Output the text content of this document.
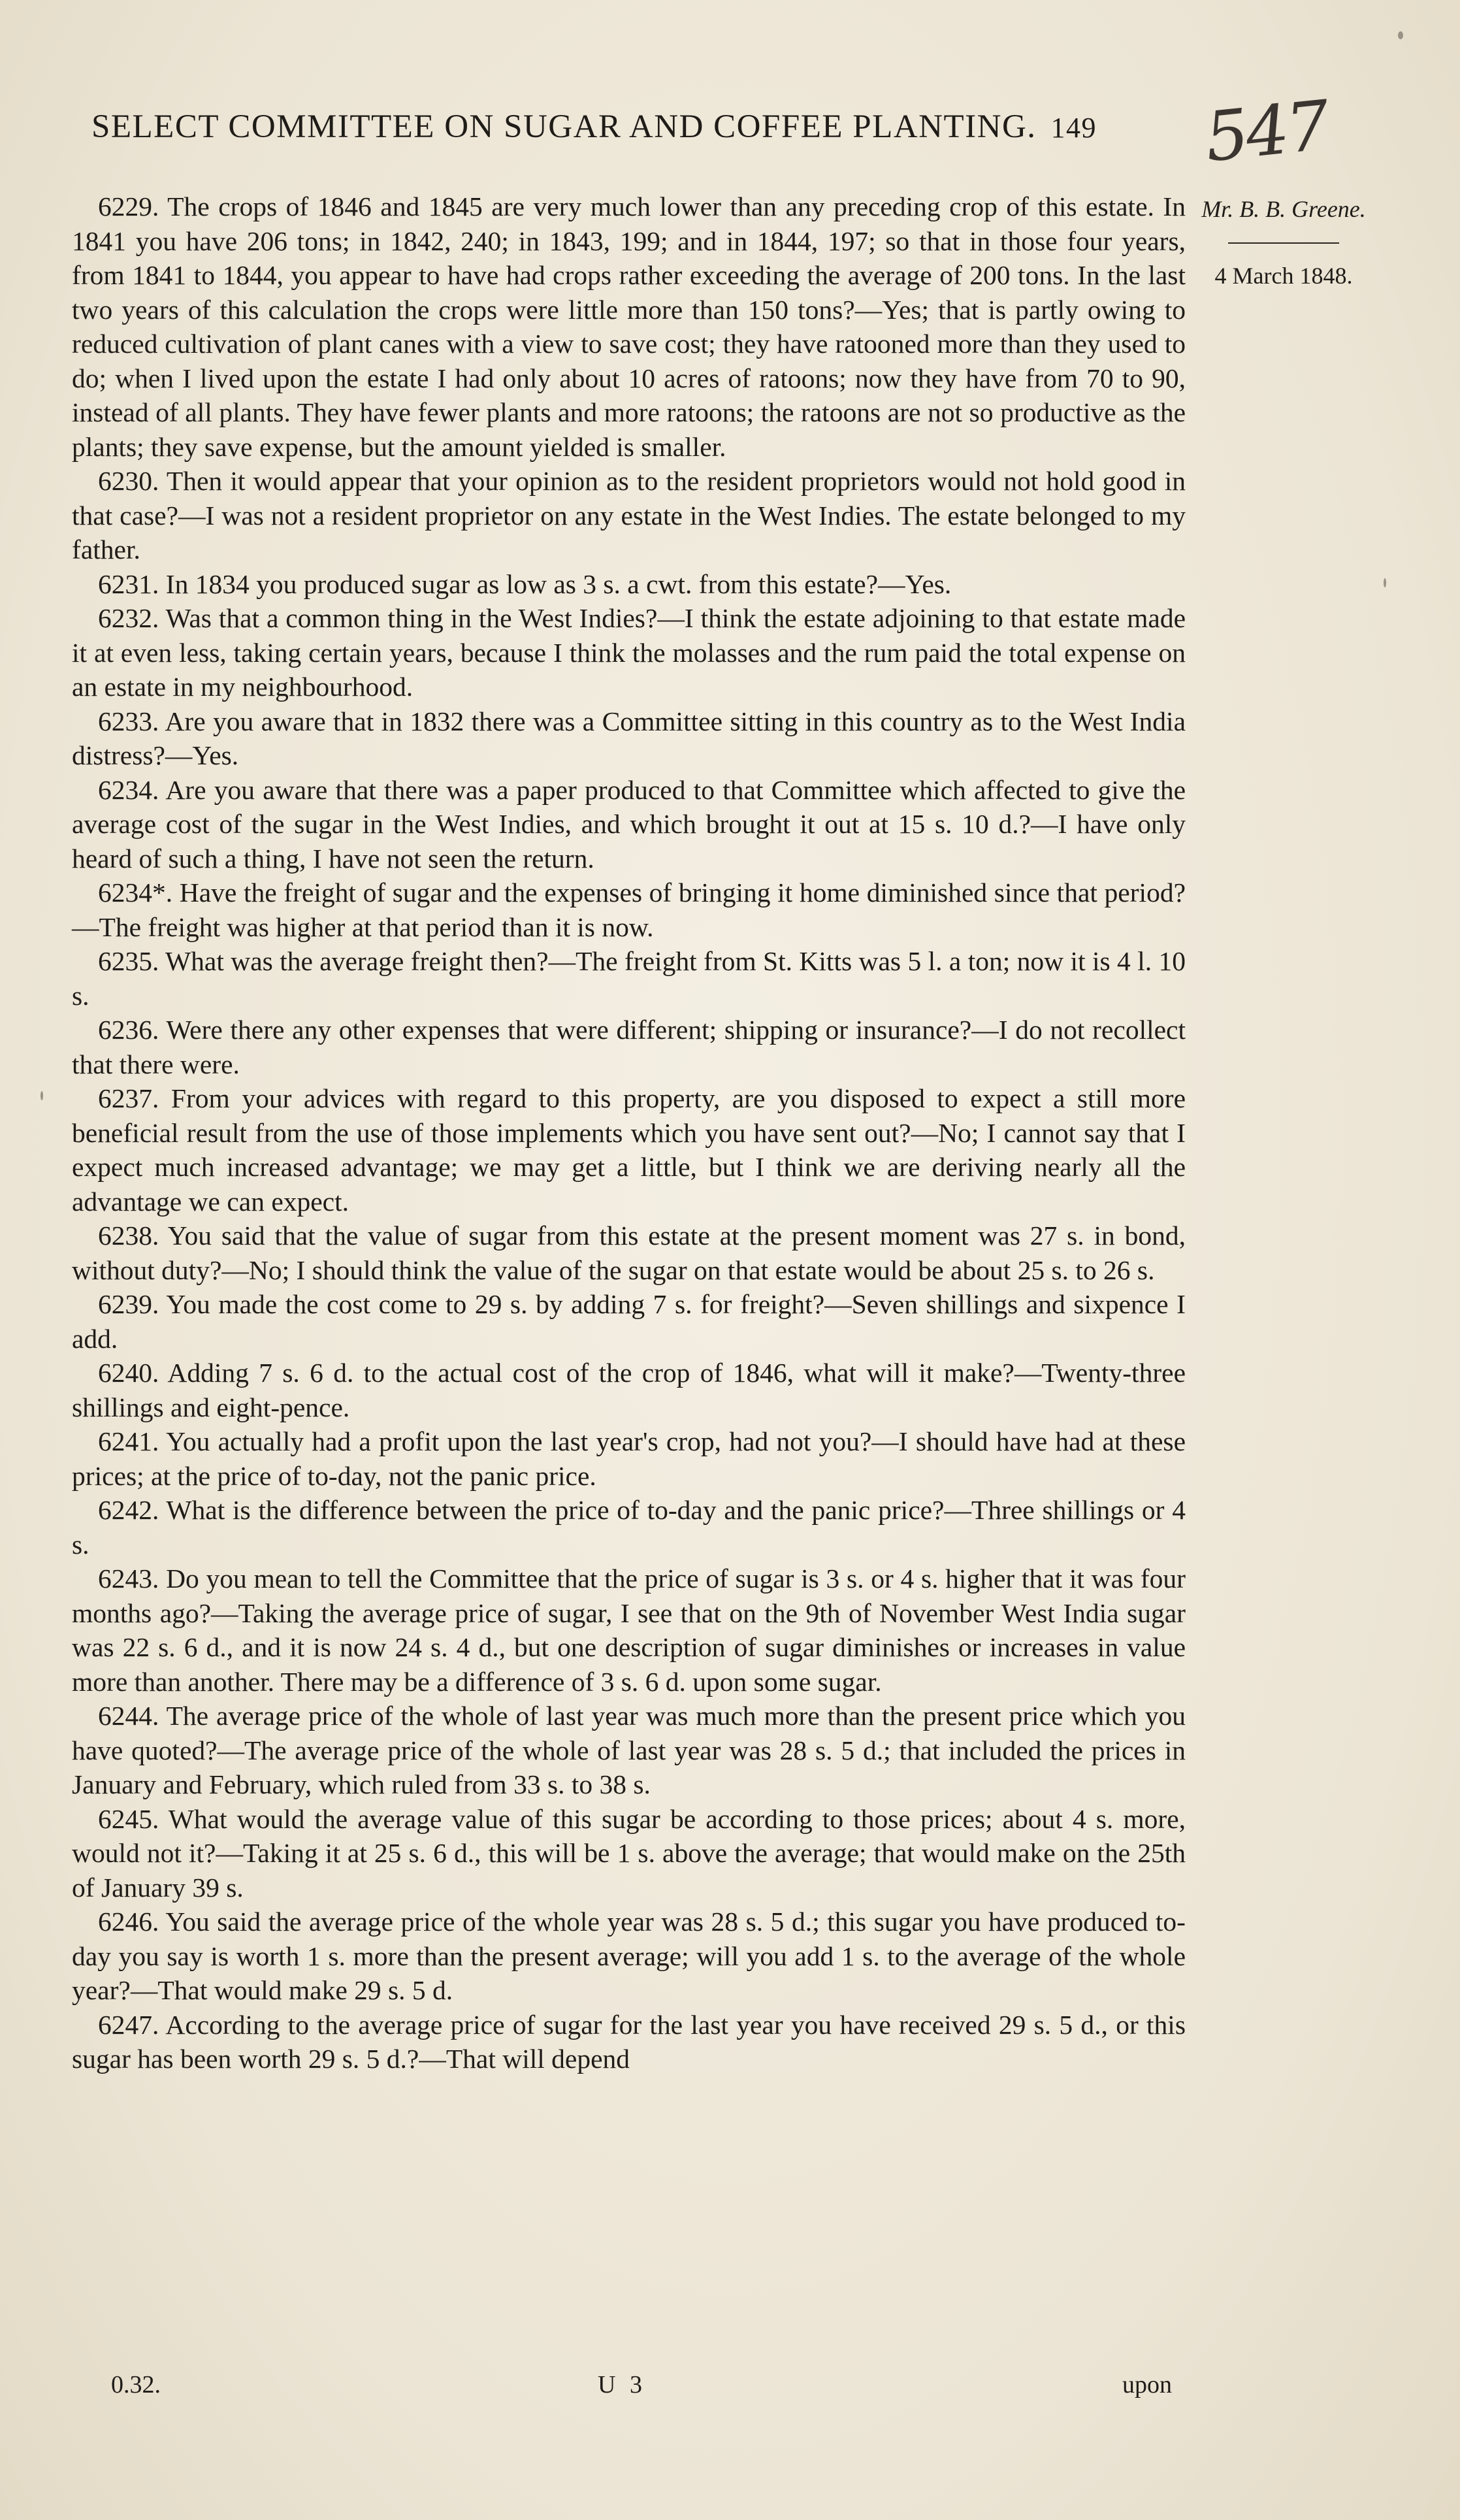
SELECT COMMITTEE ON SUGAR AND COFFEE PLANTING. 149	547
Mr. B. B. Greene.
4 March 1848.

6229. The crops of 1846 and 1845 are very much lower than any preceding crop of this estate. In 1841 you have 206 tons; in 1842, 240; in 1843, 199; and in 1844, 197; so that in those four years, from 1841 to 1844, you appear to have had crops rather exceeding the average of 200 tons. In the last two years of this calculation the crops were little more than 150 tons?—Yes; that is partly owing to reduced cultivation of plant canes with a view to save cost; they have ratooned more than they used to do; when I lived upon the estate I had only about 10 acres of ratoons; now they have from 70 to 90, instead of all plants. They have fewer plants and more ratoons; the ratoons are not so productive as the plants; they save expense, but the amount yielded is smaller.

6230. Then it would appear that your opinion as to the resident proprietors would not hold good in that case?—I was not a resident proprietor on any estate in the West Indies. The estate belonged to my father.

6231. In 1834 you produced sugar as low as 3 s. a cwt. from this estate?—Yes.

6232. Was that a common thing in the West Indies?—I think the estate adjoining to that estate made it at even less, taking certain years, because I think the molasses and the rum paid the total expense on an estate in my neighbourhood.

6233. Are you aware that in 1832 there was a Committee sitting in this country as to the West India distress?—Yes.

6234. Are you aware that there was a paper produced to that Committee which affected to give the average cost of the sugar in the West Indies, and which brought it out at 15 s. 10 d.?—I have only heard of such a thing, I have not seen the return.

6234*. Have the freight of sugar and the expenses of bringing it home diminished since that period?—The freight was higher at that period than it is now.

6235. What was the average freight then?—The freight from St. Kitts was 5 l. a ton; now it is 4 l. 10 s.

6236. Were there any other expenses that were different; shipping or insurance?—I do not recollect that there were.

6237. From your advices with regard to this property, are you disposed to expect a still more beneficial result from the use of those implements which you have sent out?—No; I cannot say that I expect much increased advantage; we may get a little, but I think we are deriving nearly all the advantage we can expect.

6238. You said that the value of sugar from this estate at the present moment was 27 s. in bond, without duty?—No; I should think the value of the sugar on that estate would be about 25 s. to 26 s.

6239. You made the cost come to 29 s. by adding 7 s. for freight?—Seven shillings and sixpence I add.

6240. Adding 7 s. 6 d. to the actual cost of the crop of 1846, what will it make?—Twenty-three shillings and eight-pence.

6241. You actually had a profit upon the last year's crop, had not you?—I should have had at these prices; at the price of to-day, not the panic price.

6242. What is the difference between the price of to-day and the panic price?—Three shillings or 4 s.

6243. Do you mean to tell the Committee that the price of sugar is 3 s. or 4 s. higher that it was four months ago?—Taking the average price of sugar, I see that on the 9th of November West India sugar was 22 s. 6 d., and it is now 24 s. 4 d., but one description of sugar diminishes or increases in value more than another. There may be a difference of 3 s. 6 d. upon some sugar.

6244. The average price of the whole of last year was much more than the present price which you have quoted?—The average price of the whole of last year was 28 s. 5 d.; that included the prices in January and February, which ruled from 33 s. to 38 s.

6245. What would the average value of this sugar be according to those prices; about 4 s. more, would not it?—Taking it at 25 s. 6 d., this will be 1 s. above the average; that would make on the 25th of January 39 s.

6246. You said the average price of the whole year was 28 s. 5 d.; this sugar you have produced to-day you say is worth 1 s. more than the present average; will you add 1 s. to the average of the whole year?—That would make 29 s. 5 d.

6247. According to the average price of sugar for the last year you have received 29 s. 5 d., or this sugar has been worth 29 s. 5 d.?—That will depend

0.32.	U 3	upon
